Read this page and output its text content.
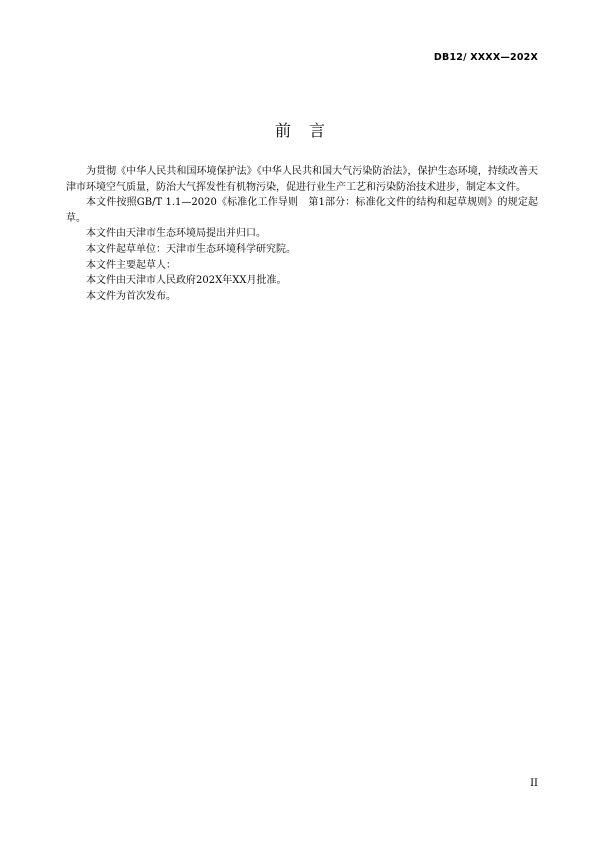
DB12/ XXXX—202X
前言

为贯彻《中华人民共和国环境保护法》《中华人民共和国大气污染防治法》，保护生态环境，持续改善天津市环境空气质量，防治大气挥发性有机物污染，促进行业生产工艺和污染防治技术进步，制定本文件。

本文件按照GB/T 1.1—2020《标准化工作导则　第1部分：标准化文件的结构和起草规则》的规定起草。

本文件由天津市生态环境局提出并归口。

本文件起草单位：天津市生态环境科学研究院。

本文件主要起草人：

本文件由天津市人民政府202X年XX月批准。

本文件为首次发布。

II
